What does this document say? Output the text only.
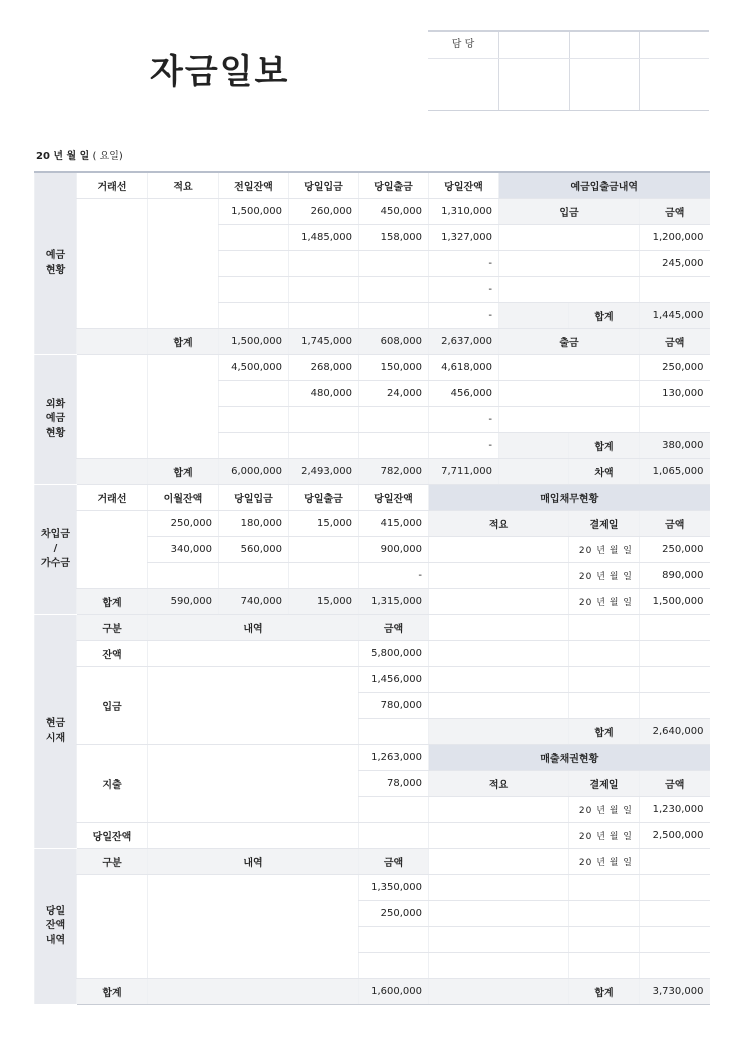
자금일보
담 당
20 년 월 일 ( 요일)
예금
현황	거래선	적요	전일잔액	당일입금	당일출금	당일잔액	예금입출금내역		
			1,500,000	260,000	450,000	1,310,000	입금		금액
				1,485,000	158,000	1,327,000			1,200,000
						-			245,000
						-			
						-		합계	1,445,000
		합계	1,500,000	1,745,000	608,000	2,637,000	출금		금액
외화
예금
현황			4,500,000	268,000	150,000	4,618,000			250,000
				480,000	24,000	456,000			130,000
						-			
						-		합계	380,000
		합계	6,000,000	2,493,000	782,000	7,711,000		차액	1,065,000
차입금
/
가수금	거래선	이월잔액	당일입금	당일출금	당일잔액	매입채무현황			
		250,000	180,000	15,000	415,000	적요		결제일	금액
		340,000	560,000		900,000			20 년 월 일	250,000
					-			20 년 월 일	890,000
	합계	590,000	740,000	15,000	1,315,000			20 년 월 일	1,500,000
현금
시재	구분	내역			금액				
	잔액				5,800,000				
	입금				1,456,000				
					780,000				
								합계	2,640,000
	지출				1,263,000	매출채권현황			
					78,000	적요		결제일	금액
								20 년 월 일	1,230,000
	당일잔액							20 년 월 일	2,500,000
당일
잔액
내역	구분	내역			금액			20 년 월 일	
					1,350,000				
					250,000				

	합계				1,600,000			합계	3,730,000
